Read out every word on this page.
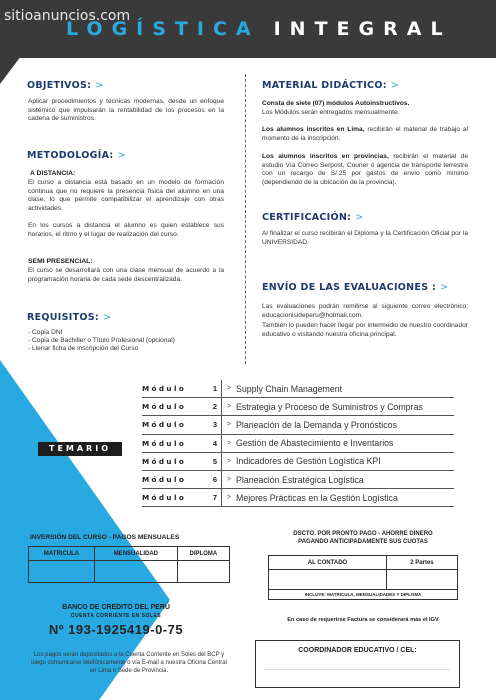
sitioanuncios.com
LOGÍSTICA INTEGRAL
OBJETIVOS: >
Aplicar procedimientos y técnicas modernas, desde un enfoque sistémico que impulsarán la rentabilidad de los procesos en la cadena de suministros.
METODOLOGÍA: >
A DISTANCIA:
El curso a distancia está basado en un modelo de formación continua que no requiere la presencia física del alumno en una clase, lo que permite compatibilizar el aprendizaje con otras actividades.
En los cursos a distancia el alumno es quien establece sus horarios, el ritmo y el lugar de realización del curso.
SEMI PRESENCIAL:
El curso se desarrollará con una clase mensual de acuerdo a la programación horaria de cada sede descentralizada.
REQUISITOS: >
- Copia DNI
- Copia de Bachiller o Título Profesional (opcional)
- Llenar ficha de inscripción del Curso
MATERIAL DIDÁCTICO: >
Consta de siete (07) módulos Autoinstructivos.
Los Módulos serán entregados mensualmente.
Los alumnos inscritos en Lima, recibirán el material de trabajo al momento de la inscripción.
Los alumnos inscritos en provincias, recibirán el material de estudio Vía Correo Serpost, Courier ó agencia de transporte terrestre con un recargo de S/.25 por gastos de envío como mínimo (dependiendo de la ubicación de la provincia).
CERTIFICACIÓN: >
Al finalizar el curso recibirán el Diploma y la Certificación Oficial por la UNIVERSIDAD.
ENVÍO DE LAS EVALUACIONES : >
Las evaluaciones podrán remitirse al siguiente correo electrónico: educacionisideperu@hotmail.com.
También lo pueden hacer llegar por intermedio de nuestro coordinador educativo o visitando nuestra oficina principal.
TEMARIO
Módulo	1	> Supply Chain Management
Módulo	2	> Estrategia y Proceso de Suministros y Compras
Módulo	3	> Planeación de la Demanda y Pronósticos
Módulo	4	> Gestión de Abastecimiento e Inventarios
Módulo	5	> Indicadores de Gestión Logística KPI
Módulo	6	> Planeación Estratégica Logística
Módulo	7	> Mejores Prácticas en la Gestión Logística
INVERSIÓN DEL CURSO - PAGOS MENSUALES
MATRICULA	MENSUALIDAD	DIPLOMA

BANCO DE CREDITO DEL PERÚ
CUENTA CORRIENTE EN SOLES
Nº 193-1925419-0-75
Los pagos serán depositados a la Cuenta Corriente en Soles del BCP y luego comunicarse telefónicamente o vía E-mail a nuestra Oficina Central en Lima o Sede de Provincia.
DSCTO. POR PRONTO PAGO - AHORRE DINERO
PAGANDO ANTICIPADAMENTE SUS CUOTAS
AL CONTADO	2 Partes

INCLUYE: MATRICULA, MENSUALIDADES Y DIPLOMA	
En caso de requerirse Factura se considerará más el IGV
COORDINADOR EDUCATIVO / CEL:
......................................................................
